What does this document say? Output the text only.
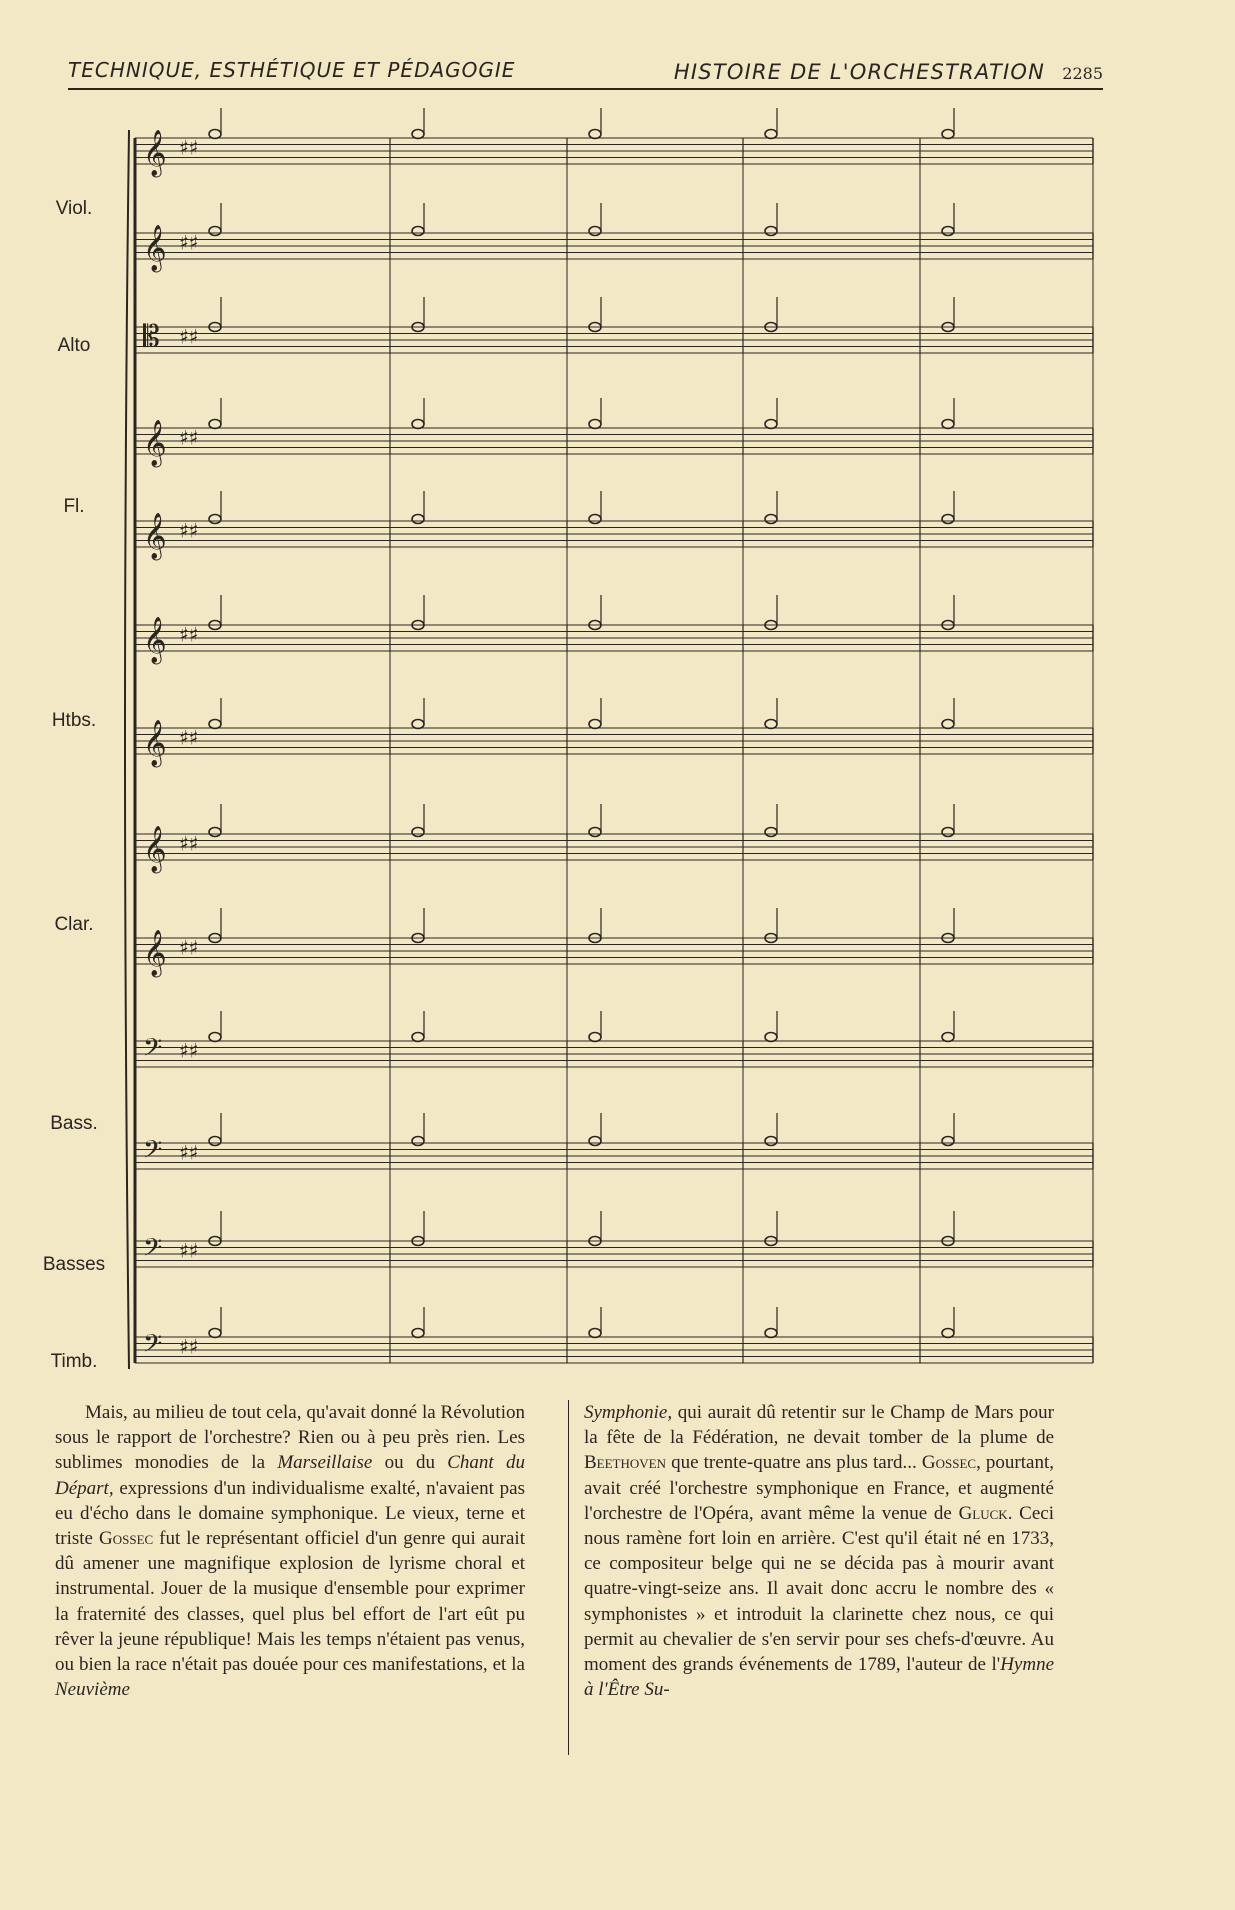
TECHNIQUE, ESTHÉTIQUE ET PÉDAGOGIE	HISTOIRE DE L'ORCHESTRATION 2285
Viol.
Alto
Fl.
Htbs.
Clar.
Bass.
Basses
Timb.
𝄞 ♯♯
𝄞 ♯♯
𝄡 ♯♯
𝄞 ♯♯
𝄞 ♯♯
𝄞 ♯♯
𝄞 ♯♯
𝄞 ♯♯
𝄞 ♯♯
𝄢 ♯♯
𝄢 ♯♯
𝄢 ♯♯
𝄢 ♯♯

Mais, au milieu de tout cela, qu'avait donné la Révolution sous le rapport de l'orchestre? Rien ou à peu près rien. Les sublimes monodies de la Marseillaise ou du Chant du Départ, expressions d'un individualisme exalté, n'avaient pas eu d'écho dans le domaine symphonique. Le vieux, terne et triste Gossec fut le représentant officiel d'un genre qui aurait dû amener une magnifique explosion de lyrisme choral et instrumental. Jouer de la musique d'ensemble pour exprimer la fraternité des classes, quel plus bel effort de l'art eût pu rêver la jeune république! Mais les temps n'étaient pas venus, ou bien la race n'était pas douée pour ces manifestations, et la Neuvième

Symphonie, qui aurait dû retentir sur le Champ de Mars pour la fête de la Fédération, ne devait tomber de la plume de Beethoven que trente-quatre ans plus tard... Gossec, pourtant, avait créé l'orchestre symphonique en France, et augmenté l'orchestre de l'Opéra, avant même la venue de Gluck. Ceci nous ramène fort loin en arrière. C'est qu'il était né en 1733, ce compositeur belge qui ne se décida pas à mourir avant quatre-vingt-seize ans. Il avait donc accru le nombre des « symphonistes » et introduit la clarinette chez nous, ce qui permit au chevalier de s'en servir pour ses chefs-d'œuvre. Au moment des grands événements de 1789, l'auteur de l'Hymne à l'Être Su-
